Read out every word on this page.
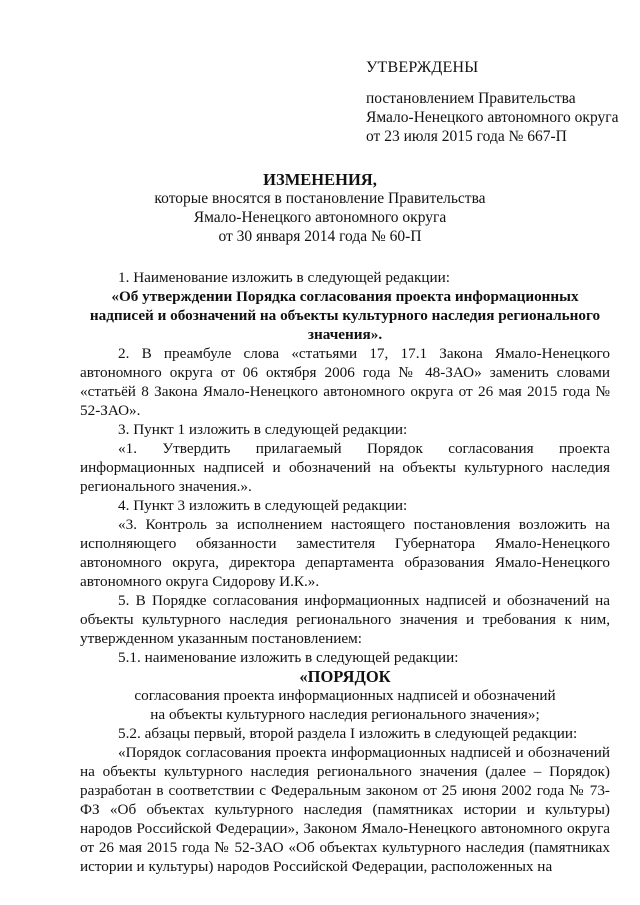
УТВЕРЖДЕНЫ
постановлением Правительства
Ямало-Ненецкого автономного округа
от 23 июля 2015 года № 667-П
ИЗМЕНЕНИЯ,
которые вносятся в постановление Правительства
Ямало-Ненецкого автономного округа
от 30 января 2014 года № 60-П

1. Наименование изложить в следующей редакции:

«Об утверждении Порядка согласования проекта информационных надписей и обозначений на объекты культурного наследия регионального значения».

2. В преамбуле слова «статьями 17, 17.1 Закона Ямало-Ненецкого автономного округа от 06 октября 2006 года № 48-ЗАО» заменить словами «статьёй 8 Закона Ямало-Ненецкого автономного округа от 26 мая 2015 года № 52-ЗАО».

3. Пункт 1 изложить в следующей редакции:

«1. Утвердить прилагаемый Порядок согласования проекта информационных надписей и обозначений на объекты культурного наследия регионального значения.».

4. Пункт 3 изложить в следующей редакции:

«3. Контроль за исполнением настоящего постановления возложить на исполняющего обязанности заместителя Губернатора Ямало-Ненецкого автономного округа, директора департамента образования Ямало-Ненецкого автономного округа Сидорову И.К.».

5. В Порядке согласования информационных надписей и обозначений на объекты культурного наследия регионального значения и требования к ним, утвержденном указанным постановлением:

5.1. наименование изложить в следующей редакции:

«ПОРЯДОК

согласования проекта информационных надписей и обозначений

на объекты культурного наследия регионального значения»;

5.2. абзацы первый, второй раздела I изложить в следующей редакции:

«Порядок согласования проекта информационных надписей и обозначений на объекты культурного наследия регионального значения (далее – Порядок) разработан в соответствии с Федеральным законом от 25 июня 2002 года № 73-ФЗ «Об объектах культурного наследия (памятниках истории и культуры) народов Российской Федерации», Законом Ямало-Ненецкого автономного округа от 26 мая 2015 года № 52-ЗАО «Об объектах культурного наследия (памятниках истории и культуры) народов Российской Федерации, расположенных на
